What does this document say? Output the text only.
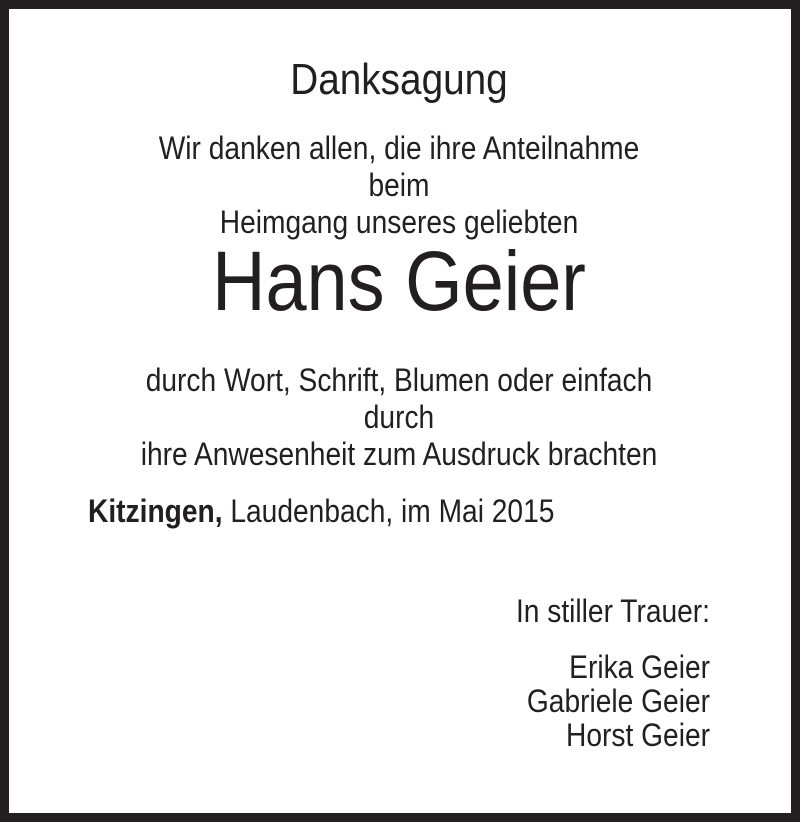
Danksagung
Wir danken allen, die ihre Anteilnahme beim
Heimgang unseres geliebten
Hans Geier
durch Wort, Schrift, Blumen oder einfach durch
ihre Anwesenheit zum Ausdruck brachten
Kitzingen, Laudenbach, im Mai 2015
In stiller Trauer:
Erika Geier
Gabriele Geier
Horst Geier
